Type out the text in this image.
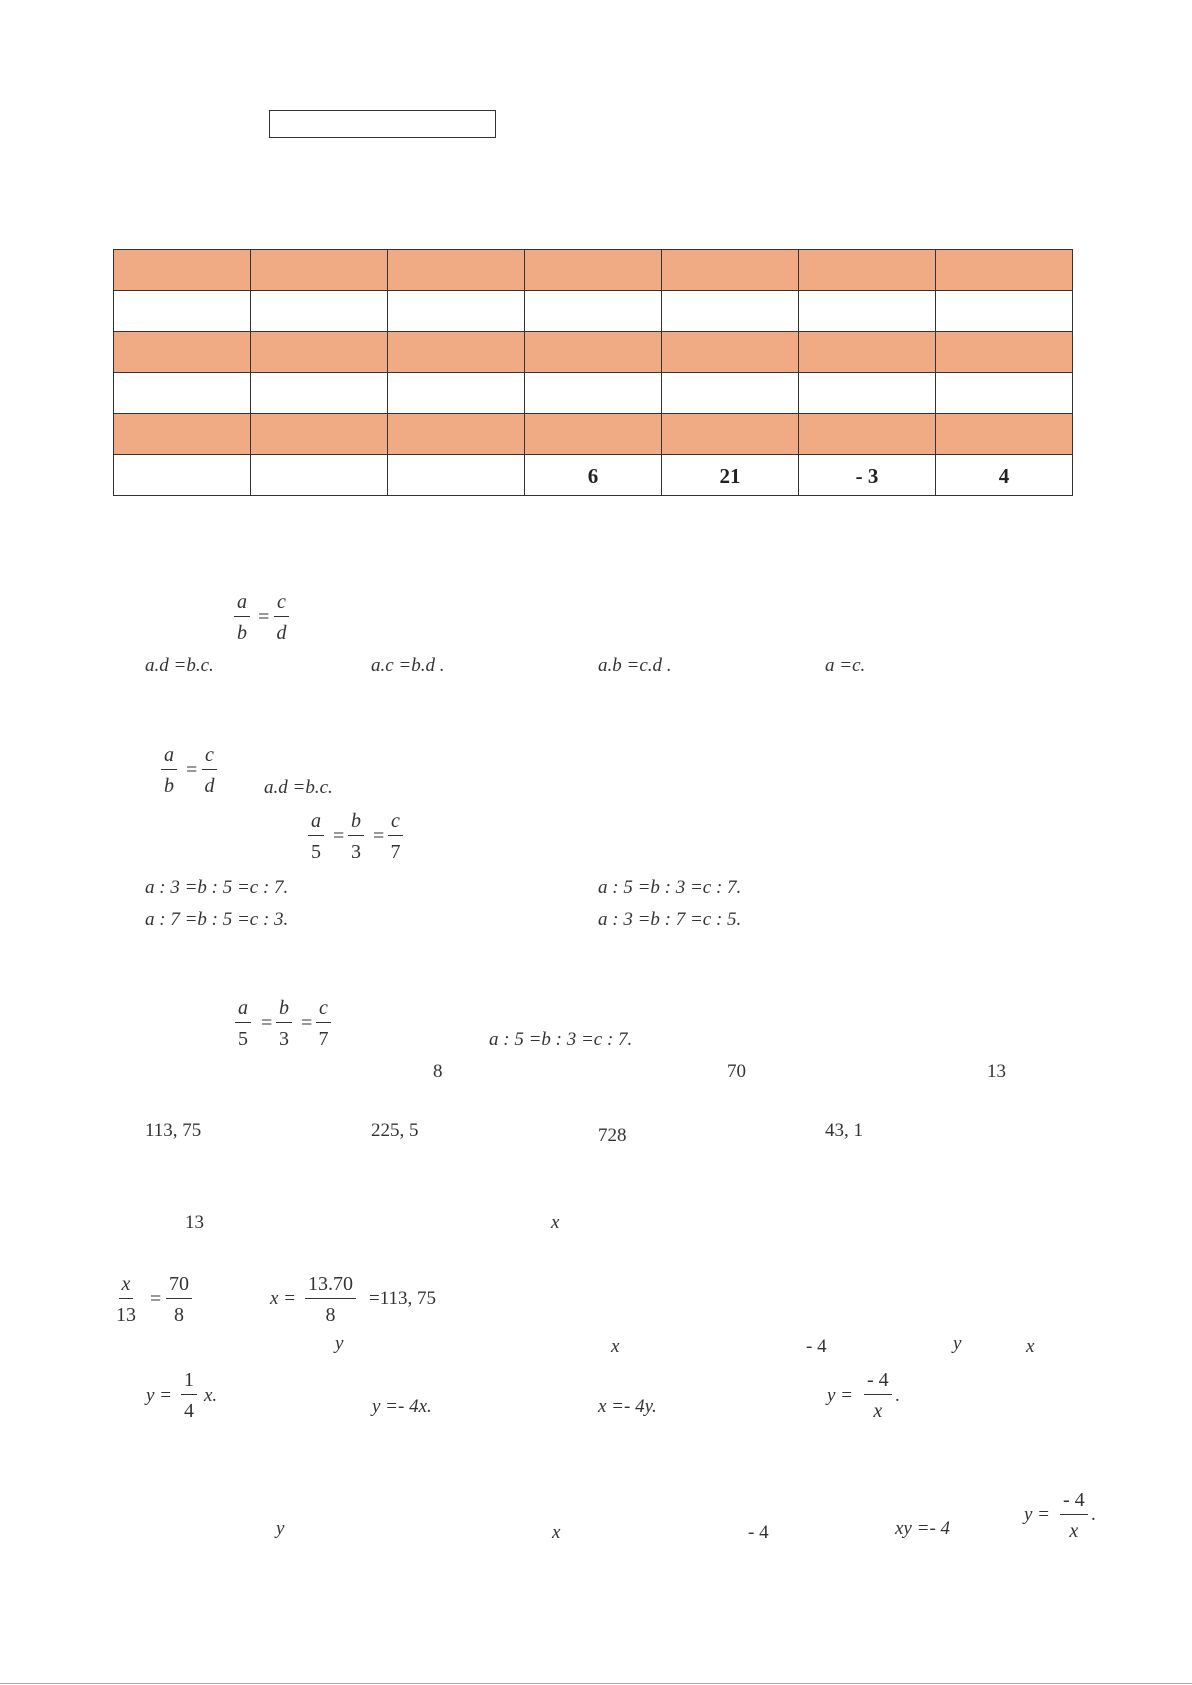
			6	21	- 3	4
$\frac{a}{b} = \frac{c}{d}$
a.d =b.c.	a.c =b.d .	a.b =c.d .	a =c.
$\frac{a}{b} = \frac{c}{d} a.d =b.c$.
$\frac{a}{5} = \frac{b}{3} = \frac{c}{7}$
a : 3 =b : 5 =c : 7.	a : 5 =b : 3 =c : 7.
a : 7 =b : 5 =c : 3.	a : 3 =b : 7 =c : 5.
$\frac{a}{5} = \frac{b}{3} = \frac{c}{7}$	a : 5 =b : 3 =c : 7.
8	70	13
113, 75	225, 5	728	43, 1
13	x
$\frac{x}{13} = \frac{70}{8}$	$x = \frac{13.70}{8} =113$, 75
y	x	- 4	y	x
$y = \frac{1}{4} x$.
y =- 4x.	x =- 4y.
$y = \frac{- 4}{x}$ .
y	x	- 4	xy =- 4
$y = \frac{- 4}{x}$ .
